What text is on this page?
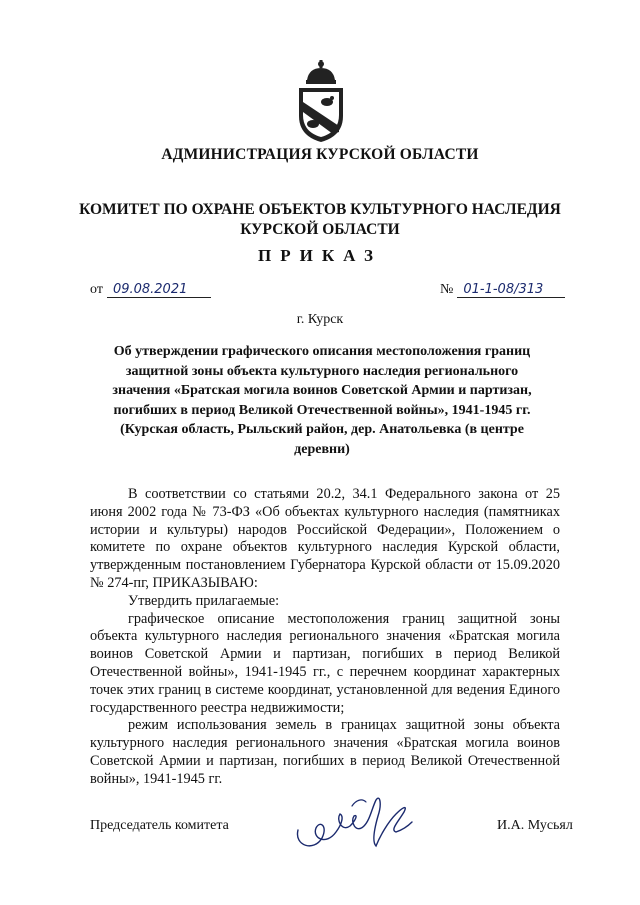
АДМИНИСТРАЦИЯ КУРСКОЙ ОБЛАСТИ
КОМИТЕТ ПО ОХРАНЕ ОБЪЕКТОВ КУЛЬТУРНОГО НАСЛЕДИЯ
КУРСКОЙ ОБЛАСТИ
ПРИКАЗ
от 09.08.2021	№ 01-1-08/313
г. Курск
Об утверждении графического описания местоположения границ
защитной зоны объекта культурного наследия регионального
значения «Братская могила воинов Советской Армии и партизан,
погибших в период Великой Отечественной войны», 1941-1945 гг.
(Курская область, Рыльский район, дер. Анатольевка (в центре
деревни)

В соответствии со статьями 20.2, 34.1 Федерального закона от 25 июня 2002 года № 73-ФЗ «Об объектах культурного наследия (памятниках истории и культуры) народов Российской Федерации», Положением о комитете по охране объектов культурного наследия Курской области, утвержденным постановлением Губернатора Курской области от 15.09.2020 № 274-пг, ПРИКАЗЫВАЮ:

Утвердить прилагаемые:

графическое описание местоположения границ защитной зоны объекта культурного наследия регионального значения «Братская могила воинов Советской Армии и партизан, погибших в период Великой Отечественной войны», 1941-1945 гг., с перечнем координат характерных точек этих границ в системе координат, установленной для ведения Единого государственного реестра недвижимости;

режим использования земель в границах защитной зоны объекта культурного наследия регионального значения «Братская могила воинов Советской Армии и партизан, погибших в период Великой Отечественной войны», 1941-1945 гг.

Председатель комитета	И.А. Мусьял
